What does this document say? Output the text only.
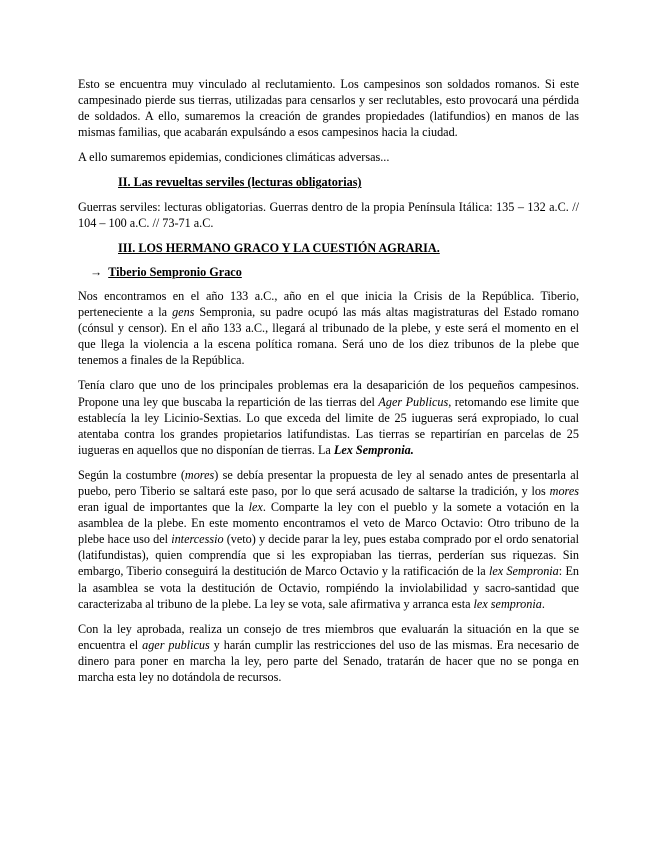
Esto se encuentra muy vinculado al reclutamiento. Los campesinos son soldados romanos. Si este campesinado pierde sus tierras, utilizadas para censarlos y ser reclutables, esto provocará una pérdida de soldados. A ello, sumaremos la creación de grandes propiedades (latifundios) en manos de las mismas familias, que acabarán expulsándo a esos campesinos hacia la ciudad.

A ello sumaremos epidemias, condiciones climáticas adversas...

II. Las revueltas serviles (lecturas obligatorias)

Guerras serviles: lecturas obligatorias. Guerras dentro de la propia Península Itálica: 135 – 132 a.C. // 104 – 100 a.C. // 73-71 a.C.

III. LOS HERMANO GRACO Y LA CUESTIÓN AGRARIA.
→ Tiberio Sempronio Graco

Nos encontramos en el año 133 a.C., año en el que inicia la Crisis de la República. Tiberio, perteneciente a la gens Sempronia, su padre ocupó las más altas magistraturas del Estado romano (cónsul y censor). En el año 133 a.C., llegará al tribunado de la plebe, y este será el momento en el que llega la violencia a la escena política romana. Será uno de los diez tribunos de la plebe que tenemos a finales de la República.

Tenía claro que uno de los principales problemas era la desaparición de los pequeños campesinos. Propone una ley que buscaba la repartición de las tierras del Ager Publicus, retomando ese limite que establecía la ley Licinio-Sextias. Lo que exceda del limite de 25 iugueras será expropiado, lo cual atentaba contra los grandes propietarios latifundistas. Las tierras se repartirían en parcelas de 25 iugueras en aquellos que no disponían de tierras. La Lex Sempronia.

Según la costumbre (mores) se debía presentar la propuesta de ley al senado antes de presentarla al puebo, pero Tiberio se saltará este paso, por lo que será acusado de saltarse la tradición, y los mores eran igual de importantes que la lex. Comparte la ley con el pueblo y la somete a votación en la asamblea de la plebe. En este momento encontramos el veto de Marco Octavio: Otro tribuno de la plebe hace uso del intercessio (veto) y decide parar la ley, pues estaba comprado por el ordo senatorial (latifundistas), quien comprendía que si les expropiaban las tierras, perderían sus riquezas. Sin embargo, Tiberio conseguirá la destitución de Marco Octavio y la ratificación de la lex Sempronia: En la asamblea se vota la destitución de Octavio, rompiéndo la inviolabilidad y sacro-santidad que caracterizaba al tribuno de la plebe. La ley se vota, sale afirmativa y arranca esta lex sempronia.

Con la ley aprobada, realiza un consejo de tres miembros que evaluarán la situación en la que se encuentra el ager publicus y harán cumplir las restricciones del uso de las mismas. Era necesario de dinero para poner en marcha la ley, pero parte del Senado, tratarán de hacer que no se ponga en marcha esta ley no dotándola de recursos.
